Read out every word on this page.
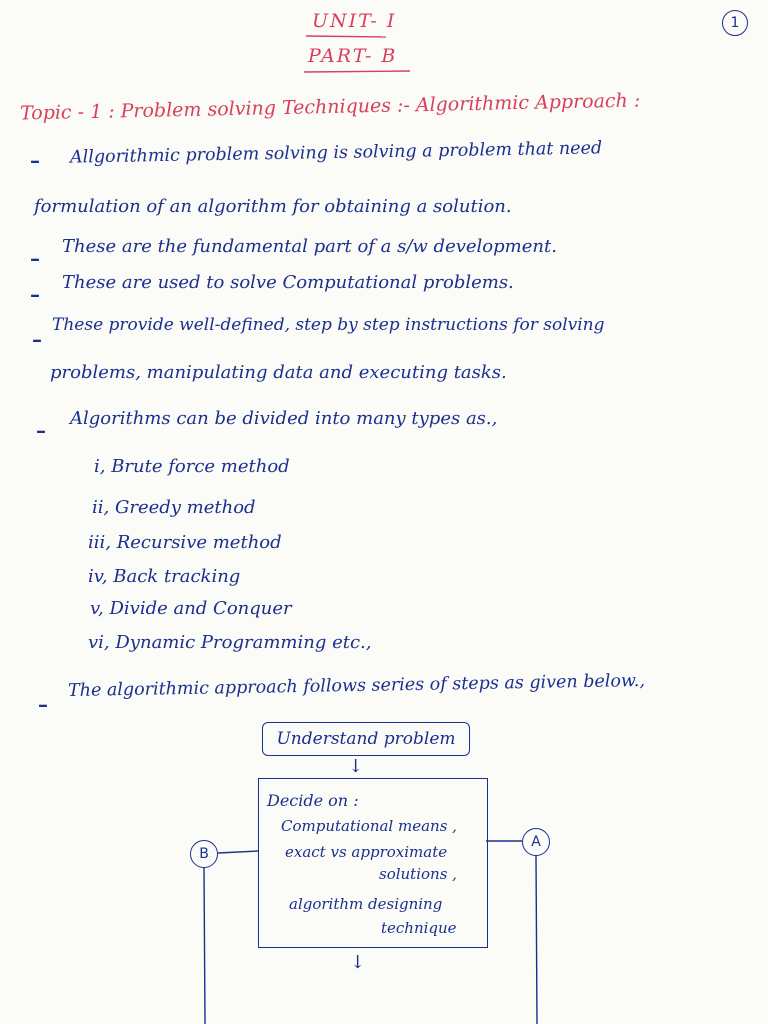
UNIT- I
PART- B
1
Topic - 1 : Problem solving Techniques :- Algorithmic Approach :
– Allgorithmic problem solving is solving a problem that need
formulation of an algorithm for obtaining a solution.
– These are the fundamental part of a s/w development.
– These are used to solve Computational problems.
–
These provide well-defined, step by step instructions for solving
problems, manipulating data and executing tasks.
– Algorithms can be divided into many types as.,
i, Brute force method
ii, Greedy method
iii, Recursive method
iv, Back tracking
v, Divide and Conquer
vi, Dynamic Programming etc.,
–
The algorithmic approach follows series of steps as given below.,
Understand problem
↓
Decide on :
Computational means ,
exact vs approximate
solutions ,
algorithm designing
technique
↓
B
A
